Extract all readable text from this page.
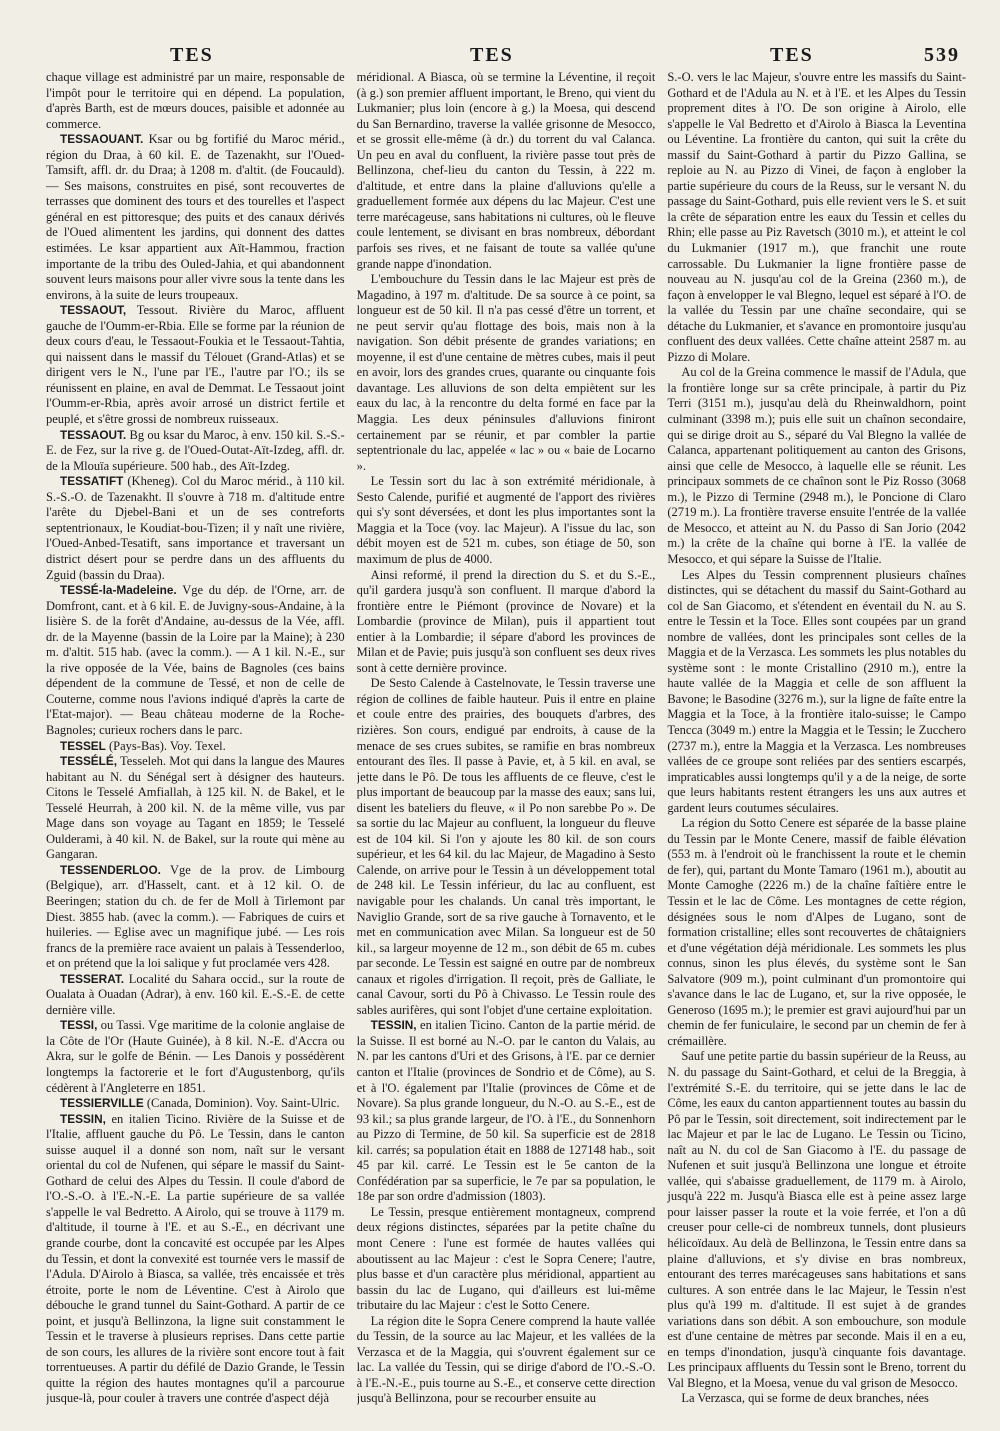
TES	TES	TES	539

chaque village est administré par un maire, responsable de l'impôt pour le territoire qui en dépend. La population, d'après Barth, est de mœurs douces, paisible et adonnée au commerce.

TESSAOUANT. Ksar ou bg fortifié du Maroc mérid., région du Draa, à 60 kil. E. de Tazenakht, sur l'Oued-Tamsift, affl. dr. du Draa; à 1208 m. d'altit. (de Foucauld). — Ses maisons, construites en pisé, sont recouvertes de terrasses que dominent des tours et des tourelles et l'aspect général en est pittoresque; des puits et des canaux dérivés de l'Oued alimentent les jardins, qui donnent des dattes estimées. Le ksar appartient aux Aït-Hammou, fraction importante de la tribu des Ouled-Jahia, et qui abandonnent souvent leurs maisons pour aller vivre sous la tente dans les environs, à la suite de leurs troupeaux.

TESSAOUT, Tessout. Rivière du Maroc, affluent gauche de l'Oumm-er-Rbia. Elle se forme par la réunion de deux cours d'eau, le Tessaout-Foukia et le Tessaout-Tahtia, qui naissent dans le massif du Télouet (Grand-Atlas) et se dirigent vers le N., l'une par l'E., l'autre par l'O.; ils se réunissent en plaine, en aval de Demmat. Le Tessaout joint l'Oumm-er-Rbia, après avoir arrosé un district fertile et peuplé, et s'être grossi de nombreux ruisseaux.

TESSAOUT. Bg ou ksar du Maroc, à env. 150 kil. S.-S.-E. de Fez, sur la rive g. de l'Oued-Outat-Aït-Izdeg, affl. dr. de la Mlouïa supérieure. 500 hab., des Aït-Izdeg.

TESSATIFT (Kheneg). Col du Maroc mérid., à 110 kil. S.-S.-O. de Tazenakht. Il s'ouvre à 718 m. d'altitude entre l'arête du Djebel-Bani et un de ses contreforts septentrionaux, le Koudiat-bou-Tizen; il y naît une rivière, l'Oued-Anbed-Tesatift, sans importance et traversant un district désert pour se perdre dans un des affluents du Zguid (bassin du Draa).

TESSÉ-la-Madeleine. Vge du dép. de l'Orne, arr. de Domfront, cant. et à 6 kil. E. de Juvigny-sous-Andaine, à la lisière S. de la forêt d'Andaine, au-dessus de la Vée, affl. dr. de la Mayenne (bassin de la Loire par la Maine); à 230 m. d'altit. 515 hab. (avec la comm.). — A 1 kil. N.-E., sur la rive opposée de la Vée, bains de Bagnoles (ces bains dépendent de la commune de Tessé, et non de celle de Couterne, comme nous l'avions indiqué d'après la carte de l'Etat-major). — Beau château moderne de la Roche-Bagnoles; curieux rochers dans le parc.

TESSEL (Pays-Bas). Voy. Texel.

TESSÉLÉ, Tesseleh. Mot qui dans la langue des Maures habitant au N. du Sénégal sert à désigner des hauteurs. Citons le Tesselé Amfiallah, à 125 kil. N. de Bakel, et le Tesselé Heurrah, à 200 kil. N. de la même ville, vus par Mage dans son voyage au Tagant en 1859; le Tesselé Oulderami, à 40 kil. N. de Bakel, sur la route qui mène au Gangaran.

TESSENDERLOO. Vge de la prov. de Limbourg (Belgique), arr. d'Hasselt, cant. et à 12 kil. O. de Beeringen; station du ch. de fer de Moll à Tirlemont par Diest. 3855 hab. (avec la comm.). — Fabriques de cuirs et huileries. — Eglise avec un magnifique jubé. — Les rois francs de la première race avaient un palais à Tessenderloo, et on prétend que la loi salique y fut proclamée vers 428.

TESSERAT. Localité du Sahara occid., sur la route de Oualata à Ouadan (Adrar), à env. 160 kil. E.-S.-E. de cette dernière ville.

TESSI, ou Tassi. Vge maritime de la colonie anglaise de la Côte de l'Or (Haute Guinée), à 8 kil. N.-E. d'Accra ou Akra, sur le golfe de Bénin. — Les Danois y possédèrent longtemps la factorerie et le fort d'Augustenborg, qu'ils cédèrent à l'Angleterre en 1851.

TESSIERVILLE (Canada, Dominion). Voy. Saint-Ulric.

TESSIN, en italien Ticino. Rivière de la Suisse et de l'Italie, affluent gauche du Pô. Le Tessin, dans le canton suisse auquel il a donné son nom, naît sur le versant oriental du col de Nufenen, qui sépare le massif du Saint-Gothard de celui des Alpes du Tessin. Il coule d'abord de l'O.-S.-O. à l'E.-N.-E. La partie supérieure de sa vallée s'appelle le val Bedretto. A Airolo, qui se trouve à 1179 m. d'altitude, il tourne à l'E. et au S.-E., en décrivant une grande courbe, dont la concavité est occupée par les Alpes du Tessin, et dont la convexité est tournée vers le massif de l'Adula. D'Airolo à Biasca, sa vallée, très encaissée et très étroite, porte le nom de Léventine. C'est à Airolo que débouche le grand tunnel du Saint-Gothard. A partir de ce point, et jusqu'à Bellinzona, la ligne suit constamment le Tessin et le traverse à plusieurs reprises. Dans cette partie de son cours, les allures de la rivière sont encore tout à fait torrentueuses. A partir du défilé de Dazio Grande, le Tessin quitte la région des hautes montagnes qu'il a parcourue jusque-là, pour couler à travers une contrée d'aspect déjà

méridional. A Biasca, où se termine la Léventine, il reçoit (à g.) son premier affluent important, le Breno, qui vient du Lukmanier; plus loin (encore à g.) la Moesa, qui descend du San Bernardino, traverse la vallée grisonne de Mesocco, et se grossit elle-même (à dr.) du torrent du val Calanca. Un peu en aval du confluent, la rivière passe tout près de Bellinzona, chef-lieu du canton du Tessin, à 222 m. d'altitude, et entre dans la plaine d'alluvions qu'elle a graduellement formée aux dépens du lac Majeur. C'est une terre marécageuse, sans habitations ni cultures, où le fleuve coule lentement, se divisant en bras nombreux, débordant parfois ses rives, et ne faisant de toute sa vallée qu'une grande nappe d'inondation.

L'embouchure du Tessin dans le lac Majeur est près de Magadino, à 197 m. d'altitude. De sa source à ce point, sa longueur est de 50 kil. Il n'a pas cessé d'être un torrent, et ne peut servir qu'au flottage des bois, mais non à la navigation. Son débit présente de grandes variations; en moyenne, il est d'une centaine de mètres cubes, mais il peut en avoir, lors des grandes crues, quarante ou cinquante fois davantage. Les alluvions de son delta empiètent sur les eaux du lac, à la rencontre du delta formé en face par la Maggia. Les deux péninsules d'alluvions finiront certainement par se réunir, et par combler la partie septentrionale du lac, appelée « lac » ou « baie de Locarno ».

Le Tessin sort du lac à son extrémité méridionale, à Sesto Calende, purifié et augmenté de l'apport des rivières qui s'y sont déversées, et dont les plus importantes sont la Maggia et la Toce (voy. lac Majeur). A l'issue du lac, son débit moyen est de 521 m. cubes, son étiage de 50, son maximum de plus de 4000.

Ainsi reformé, il prend la direction du S. et du S.-E., qu'il gardera jusqu'à son confluent. Il marque d'abord la frontière entre le Piémont (province de Novare) et la Lombardie (province de Milan), puis il appartient tout entier à la Lombardie; il sépare d'abord les provinces de Milan et de Pavie; puis jusqu'à son confluent ses deux rives sont à cette dernière province.

De Sesto Calende à Castelnovate, le Tessin traverse une région de collines de faible hauteur. Puis il entre en plaine et coule entre des prairies, des bouquets d'arbres, des rizières. Son cours, endigué par endroits, à cause de la menace de ses crues subites, se ramifie en bras nombreux entourant des îles. Il passe à Pavie, et, à 5 kil. en aval, se jette dans le Pô. De tous les affluents de ce fleuve, c'est le plus important de beaucoup par la masse des eaux; sans lui, disent les bateliers du fleuve, « il Po non sarebbe Po ». De sa sortie du lac Majeur au confluent, la longueur du fleuve est de 104 kil. Si l'on y ajoute les 80 kil. de son cours supérieur, et les 64 kil. du lac Majeur, de Magadino à Sesto Calende, on arrive pour le Tessin à un développement total de 248 kil. Le Tessin inférieur, du lac au confluent, est navigable pour les chalands. Un canal très important, le Naviglio Grande, sort de sa rive gauche à Tornavento, et le met en communication avec Milan. Sa longueur est de 50 kil., sa largeur moyenne de 12 m., son débit de 65 m. cubes par seconde. Le Tessin est saigné en outre par de nombreux canaux et rigoles d'irrigation. Il reçoit, près de Galliate, le canal Cavour, sorti du Pô à Chivasso. Le Tessin roule des sables aurifères, qui sont l'objet d'une certaine exploitation.

TESSIN, en italien Ticino. Canton de la partie mérid. de la Suisse. Il est borné au N.-O. par le canton du Valais, au N. par les cantons d'Uri et des Grisons, à l'E. par ce dernier canton et l'Italie (provinces de Sondrio et de Côme), au S. et à l'O. également par l'Italie (provinces de Côme et de Novare). Sa plus grande longueur, du N.-O. au S.-E., est de 93 kil.; sa plus grande largeur, de l'O. à l'E., du Sonnenhorn au Pizzo di Termine, de 50 kil. Sa superficie est de 2818 kil. carrés; sa population était en 1888 de 127148 hab., soit 45 par kil. carré. Le Tessin est le 5e canton de la Confédération par sa superficie, le 7e par sa population, le 18e par son ordre d'admission (1803).

Le Tessin, presque entièrement montagneux, comprend deux régions distinctes, séparées par la petite chaîne du mont Cenere : l'une est formée de hautes vallées qui aboutissent au lac Majeur : c'est le Sopra Cenere; l'autre, plus basse et d'un caractère plus méridional, appartient au bassin du lac de Lugano, qui d'ailleurs est lui-même tributaire du lac Majeur : c'est le Sotto Cenere.

La région dite le Sopra Cenere comprend la haute vallée du Tessin, de la source au lac Majeur, et les vallées de la Verzasca et de la Maggia, qui s'ouvrent également sur ce lac. La vallée du Tessin, qui se dirige d'abord de l'O.-S.-O. à l'E.-N.-E., puis tourne au S.-E., et conserve cette direction jusqu'à Bellinzona, pour se recourber ensuite au

S.-O. vers le lac Majeur, s'ouvre entre les massifs du Saint-Gothard et de l'Adula au N. et à l'E. et les Alpes du Tessin proprement dites à l'O. De son origine à Airolo, elle s'appelle le Val Bedretto et d'Airolo à Biasca la Leventina ou Léventine. La frontière du canton, qui suit la crête du massif du Saint-Gothard à partir du Pizzo Gallina, se reploie au N. au Pizzo di Vinei, de façon à englober la partie supérieure du cours de la Reuss, sur le versant N. du passage du Saint-Gothard, puis elle revient vers le S. et suit la crête de séparation entre les eaux du Tessin et celles du Rhin; elle passe au Piz Ravetsch (3010 m.), et atteint le col du Lukmanier (1917 m.), que franchit une route carrossable. Du Lukmanier la ligne frontière passe de nouveau au N. jusqu'au col de la Greina (2360 m.), de façon à envelopper le val Blegno, lequel est séparé à l'O. de la vallée du Tessin par une chaîne secondaire, qui se détache du Lukmanier, et s'avance en promontoire jusqu'au confluent des deux vallées. Cette chaîne atteint 2587 m. au Pizzo di Molare.

Au col de la Greina commence le massif de l'Adula, que la frontière longe sur sa crête principale, à partir du Piz Terri (3151 m.), jusqu'au delà du Rheinwaldhorn, point culminant (3398 m.); puis elle suit un chaînon secondaire, qui se dirige droit au S., séparé du Val Blegno la vallée de Calanca, appartenant politiquement au canton des Grisons, ainsi que celle de Mesocco, à laquelle elle se réunit. Les principaux sommets de ce chaînon sont le Piz Rosso (3068 m.), le Pizzo di Termine (2948 m.), le Poncione di Claro (2719 m.). La frontière traverse ensuite l'entrée de la vallée de Mesocco, et atteint au N. du Passo di San Jorio (2042 m.) la crête de la chaîne qui borne à l'E. la vallée de Mesocco, et qui sépare la Suisse de l'Italie.

Les Alpes du Tessin comprennent plusieurs chaînes distinctes, qui se détachent du massif du Saint-Gothard au col de San Giacomo, et s'étendent en éventail du N. au S. entre le Tessin et la Toce. Elles sont coupées par un grand nombre de vallées, dont les principales sont celles de la Maggia et de la Verzasca. Les sommets les plus notables du système sont : le monte Cristallino (2910 m.), entre la haute vallée de la Maggia et celle de son affluent la Bavone; le Basodine (3276 m.), sur la ligne de faîte entre la Maggia et la Toce, à la frontière italo-suisse; le Campo Tencca (3049 m.) entre la Maggia et le Tessin; le Zucchero (2737 m.), entre la Maggia et la Verzasca. Les nombreuses vallées de ce groupe sont reliées par des sentiers escarpés, impraticables aussi longtemps qu'il y a de la neige, de sorte que leurs habitants restent étrangers les uns aux autres et gardent leurs coutumes séculaires.

La région du Sotto Cenere est séparée de la basse plaine du Tessin par le Monte Cenere, massif de faible élévation (553 m. à l'endroit où le franchissent la route et le chemin de fer), qui, partant du Monte Tamaro (1961 m.), aboutit au Monte Camoghe (2226 m.) de la chaîne faîtière entre le Tessin et le lac de Côme. Les montagnes de cette région, désignées sous le nom d'Alpes de Lugano, sont de formation cristalline; elles sont recouvertes de châtaigniers et d'une végétation déjà méridionale. Les sommets les plus connus, sinon les plus élevés, du système sont le San Salvatore (909 m.), point culminant d'un promontoire qui s'avance dans le lac de Lugano, et, sur la rive opposée, le Generoso (1695 m.); le premier est gravi aujourd'hui par un chemin de fer funiculaire, le second par un chemin de fer à crémaillère.

Sauf une petite partie du bassin supérieur de la Reuss, au N. du passage du Saint-Gothard, et celui de la Breggia, à l'extrémité S.-E. du territoire, qui se jette dans le lac de Côme, les eaux du canton appartiennent toutes au bassin du Pô par le Tessin, soit directement, soit indirectement par le lac Majeur et par le lac de Lugano. Le Tessin ou Ticino, naît au N. du col de San Giacomo à l'E. du passage de Nufenen et suit jusqu'à Bellinzona une longue et étroite vallée, qui s'abaisse graduellement, de 1179 m. à Airolo, jusqu'à 222 m. Jusqu'à Biasca elle est à peine assez large pour laisser passer la route et la voie ferrée, et l'on a dû creuser pour celle-ci de nombreux tunnels, dont plusieurs hélicoïdaux. Au delà de Bellinzona, le Tessin entre dans sa plaine d'alluvions, et s'y divise en bras nombreux, entourant des terres marécageuses sans habitations et sans cultures. A son entrée dans le lac Majeur, le Tessin n'est plus qu'à 199 m. d'altitude. Il est sujet à de grandes variations dans son débit. A son embouchure, son module est d'une centaine de mètres par seconde. Mais il en a eu, en temps d'inondation, jusqu'à cinquante fois davantage. Les principaux affluents du Tessin sont le Breno, torrent du Val Blegno, et la Moesa, venue du val grison de Mesocco.

La Verzasca, qui se forme de deux branches, nées
